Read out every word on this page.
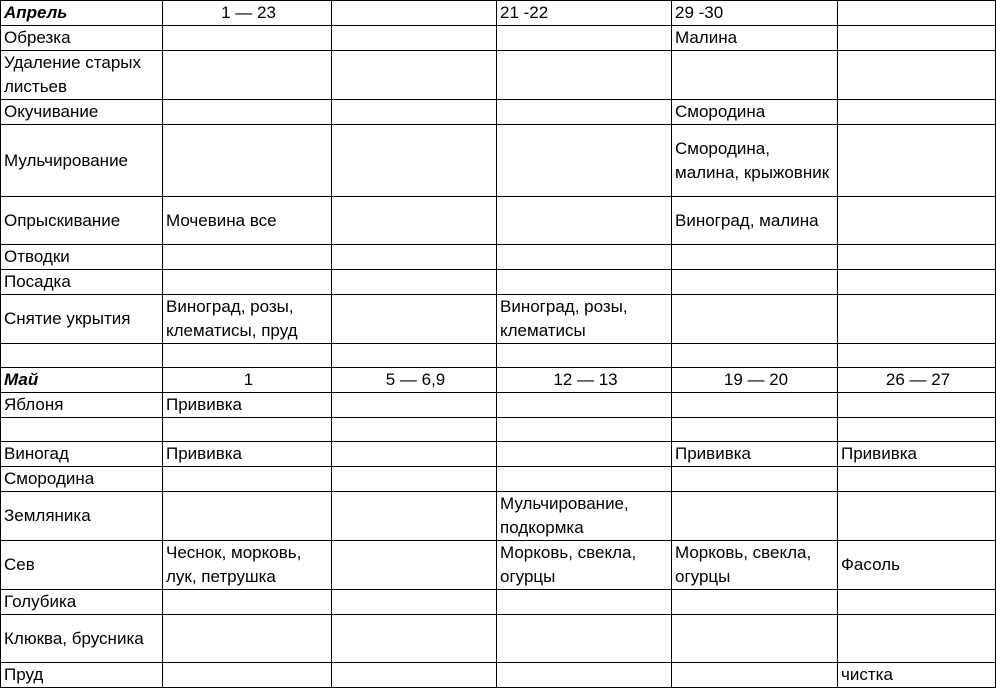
Апрель	1 — 23		21 -22	29 -30	
Обрезка				Малина	
Удаление старых листьев					
Окучивание				Смородина	
Мульчирование				Смородина, малина, крыжовник	
Опрыскивание	Мочевина все			Виноград, малина	
Отводки					
Посадка					
Снятие укрытия	Виноград, розы, клематисы, пруд		Виноград, розы, клематисы		

Май	1	5 — 6,9	12 — 13	19 — 20	26 — 27
Яблоня	Прививка				

Виногад	Прививка			Прививка	Прививка
Смородина					
Земляника			Мульчирование, подкормка		
Сев	Чеснок, морковь, лук, петрушка		Морковь, свекла, огурцы	Морковь, свекла, огурцы	Фасоль
Голубика					
Клюква, брусника					
Пруд					чистка
